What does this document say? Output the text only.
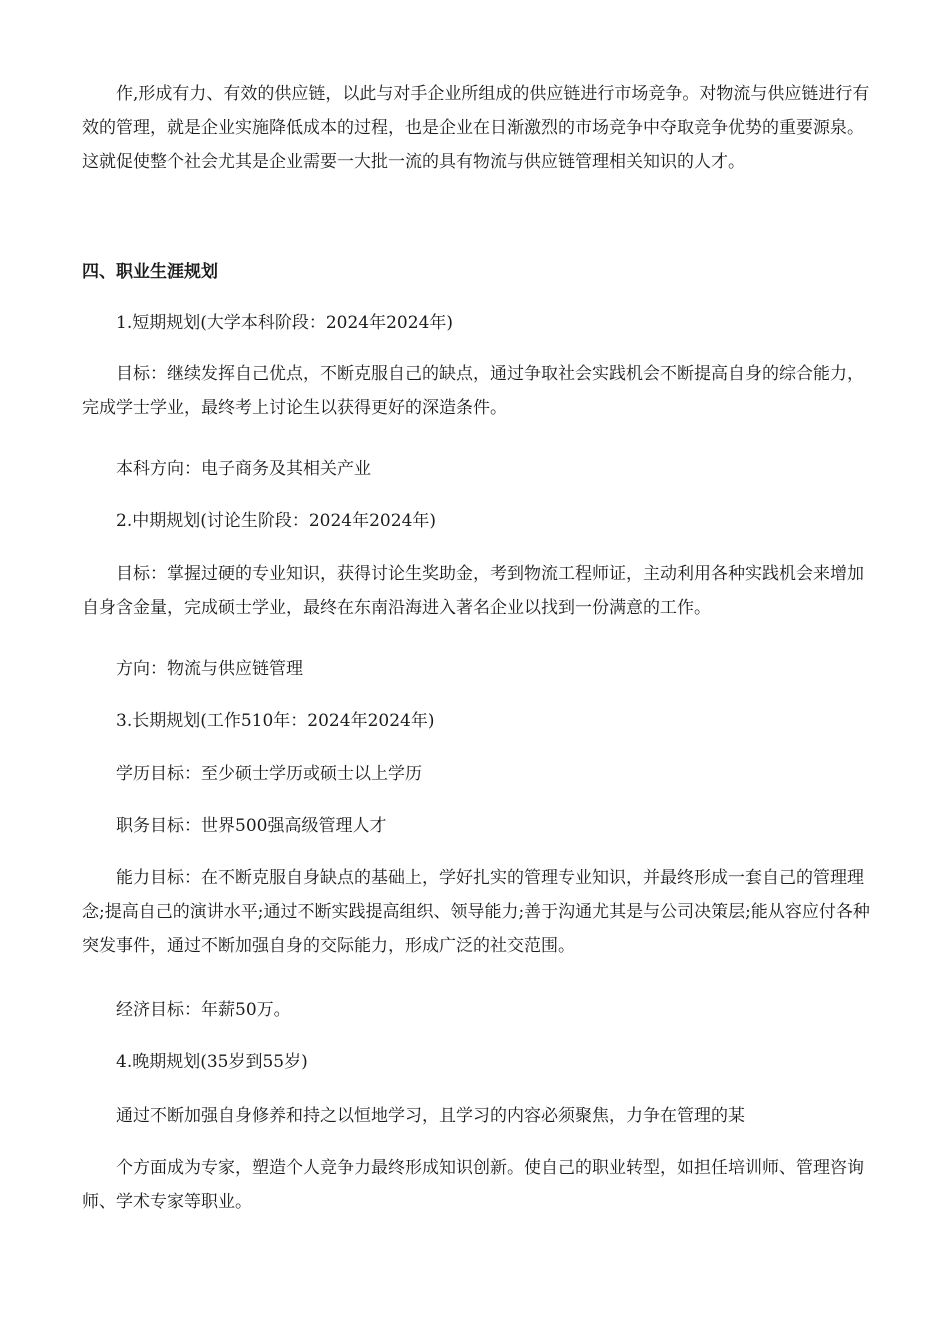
作,形成有力、有效的供应链，以此与对手企业所组成的供应链进行市场竞争。对物流与供应链进行有效的管理，就是企业实施降低成本的过程，也是企业在日渐激烈的市场竞争中夺取竞争优势的重要源泉。这就促使整个社会尤其是企业需要一大批一流的具有物流与供应链管理相关知识的人才。

四、职业生涯规划

1.短期规划(大学本科阶段：2024年2024年)

目标：继续发挥自己优点，不断克服自己的缺点，通过争取社会实践机会不断提高自身的综合能力，完成学士学业，最终考上讨论生以获得更好的深造条件。

本科方向：电子商务及其相关产业

2.中期规划(讨论生阶段：2024年2024年)

目标：掌握过硬的专业知识，获得讨论生奖助金，考到物流工程师证，主动利用各种实践机会来增加自身含金量，完成硕士学业，最终在东南沿海进入著名企业以找到一份满意的工作。

方向：物流与供应链管理

3.长期规划(工作510年：2024年2024年)

学历目标：至少硕士学历或硕士以上学历

职务目标：世界500强高级管理人才

能力目标：在不断克服自身缺点的基础上，学好扎实的管理专业知识，并最终形成一套自己的管理理念;提高自己的演讲水平;通过不断实践提高组织、领导能力;善于沟通尤其是与公司决策层;能从容应付各种突发事件，通过不断加强自身的交际能力，形成广泛的社交范围。

经济目标：年薪50万。

4.晚期规划(35岁到55岁)

通过不断加强自身修养和持之以恒地学习，且学习的内容必须聚焦，力争在管理的某

个方面成为专家，塑造个人竞争力最终形成知识创新。使自己的职业转型，如担任培训师、管理咨询师、学术专家等职业。
